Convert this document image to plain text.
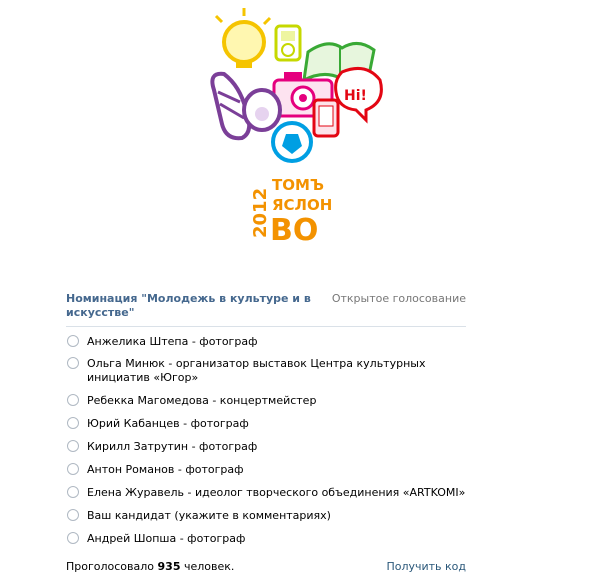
Hi!
2012
ТОМЪ
ЯСЛОН
ВО
Номинация "Молодежь в культуре и в искусстве"
Открытое голосование
Анжелика Штепа - фотограф
Ольга Минюк - организатор выставок Центра культурных инициатив «Югор»
Ребекка Магомедова - концертмейстер
Юрий Кабанцев - фотограф
Кирилл Затрутин - фотограф
Антон Романов - фотограф
Елена Журавель - идеолог творческого объединения «ARTKOMI»
Ваш кандидат (укажите в комментариях)
Андрей Шопша - фотограф
Проголосовало 935 человек.	Получить код
